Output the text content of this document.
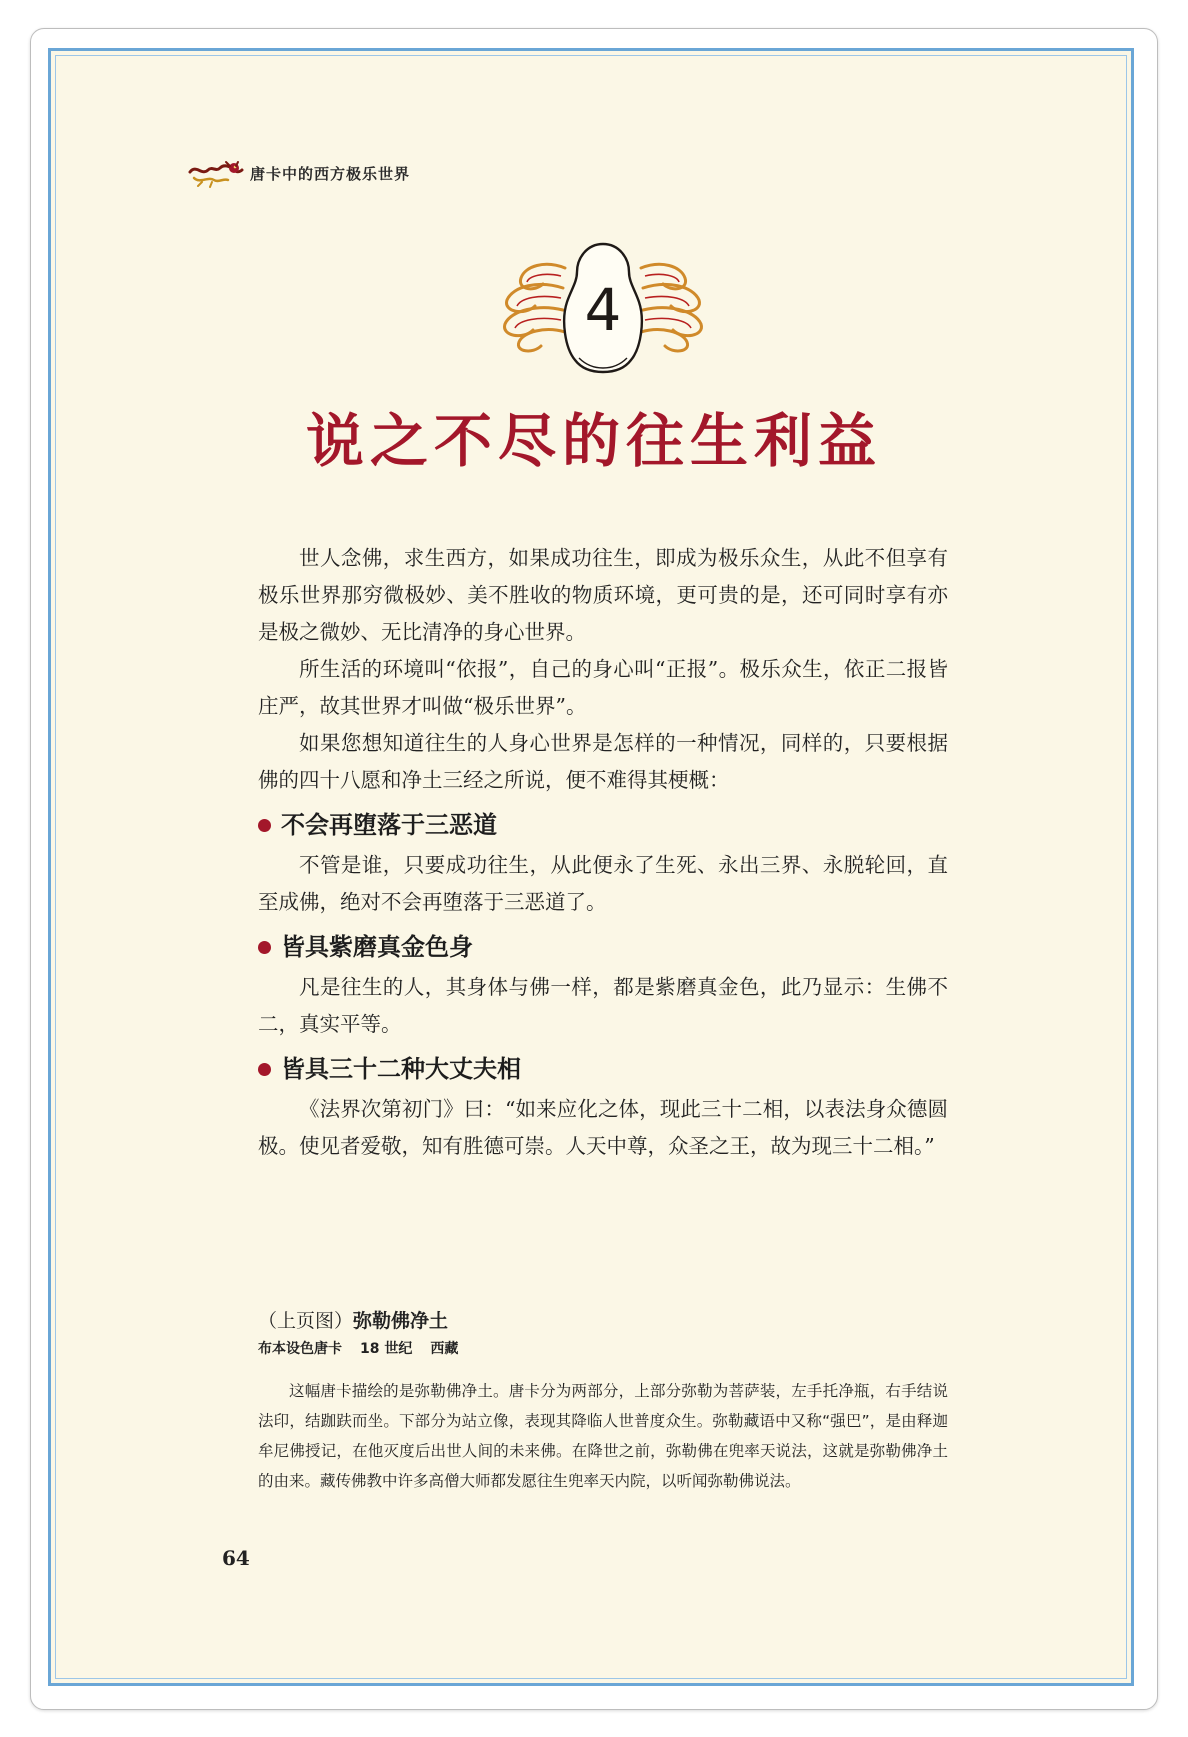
唐卡中的西方极乐世界
4
说之不尽的往生利益

世人念佛，求生西方，如果成功往生，即成为极乐众生，从此不但享有极乐世界那穷微极妙、美不胜收的物质环境，更可贵的是，还可同时享有亦是极之微妙、无比清净的身心世界。

所生活的环境叫“依报”，自己的身心叫“正报”。极乐众生，依正二报皆庄严，故其世界才叫做“极乐世界”。

如果您想知道往生的人身心世界是怎样的一种情况，同样的，只要根据佛的四十八愿和净土三经之所说，便不难得其梗概：

不会再堕落于三恶道

不管是谁，只要成功往生，从此便永了生死、永出三界、永脱轮回，直至成佛，绝对不会再堕落于三恶道了。

皆具紫磨真金色身

凡是往生的人，其身体与佛一样，都是紫磨真金色，此乃显示：生佛不二，真实平等。

皆具三十二种大丈夫相

《法界次第初门》曰：“如来应化之体，现此三十二相，以表法身众德圆极。使见者爱敬，知有胜德可崇。人天中尊，众圣之王，故为现三十二相。”

（上页图）弥勒佛净土
布本设色唐卡 18 世纪 西藏
这幅唐卡描绘的是弥勒佛净土。唐卡分为两部分，上部分弥勒为菩萨装，左手托净瓶，右手结说法印，结跏趺而坐。下部分为站立像，表现其降临人世普度众生。弥勒藏语中又称“强巴”，是由释迦牟尼佛授记，在他灭度后出世人间的未来佛。在降世之前，弥勒佛在兜率天说法，这就是弥勒佛净土的由来。藏传佛教中许多高僧大师都发愿往生兜率天内院，以听闻弥勒佛说法。
64
